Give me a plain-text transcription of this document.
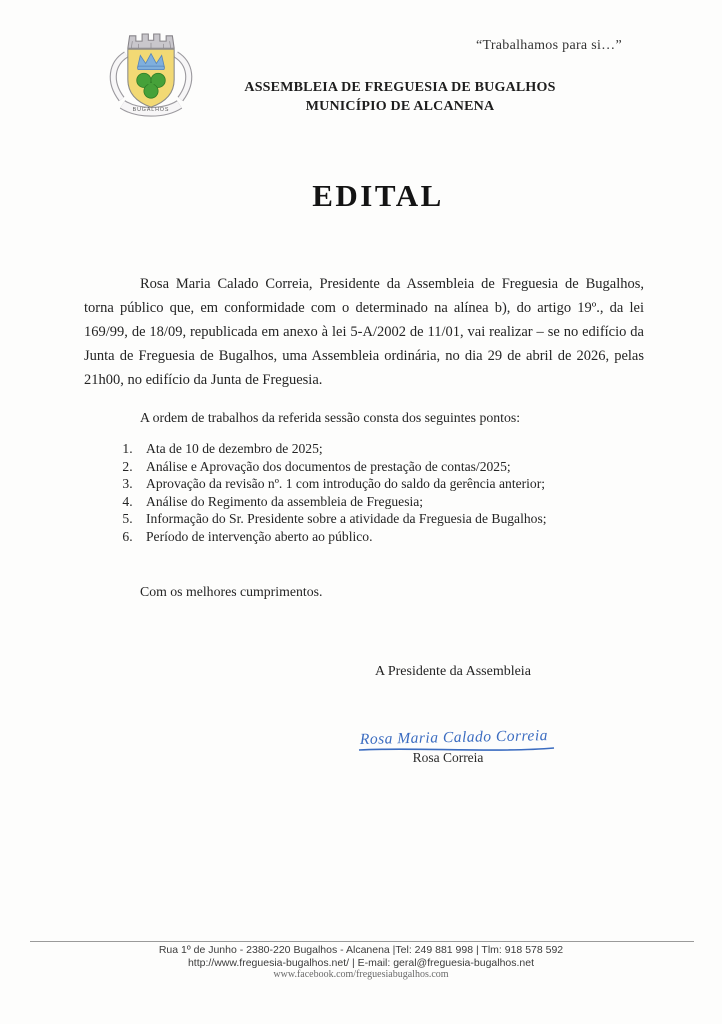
BUGALHOS
“Trabalhamos para si…”
ASSEMBLEIA DE FREGUESIA DE BUGALHOS
MUNICÍPIO DE ALCANENA
EDITAL

Rosa Maria Calado Correia, Presidente da Assembleia de Freguesia de Bugalhos, torna público que, em conformidade com o determinado na alínea b), do artigo 19º., da lei 169/99, de 18/09, republicada em anexo à lei 5-A/2002 de 11/01, vai realizar – se no edifício da Junta de Freguesia de Bugalhos, uma Assembleia ordinária, no dia 29 de abril de 2026, pelas 21h00, no edifício da Junta de Freguesia.

A ordem de trabalhos da referida sessão consta dos seguintes pontos:
1. Ata de 10 de dezembro de 2025;
2. Análise e Aprovação dos documentos de prestação de contas/2025;
3. Aprovação da revisão nº. 1 com introdução do saldo da gerência anterior;
4. Análise do Regimento da assembleia de Freguesia;
5. Informação do Sr. Presidente sobre a atividade da Freguesia de Bugalhos;
6. Período de intervenção aberto ao público.
Com os melhores cumprimentos.
A Presidente da Assembleia
Rosa Maria Calado Correia
Rosa Correia
Rua 1º de Junho - 2380-220 Bugalhos - Alcanena |Tel: 249 881 998 | Tlm: 918 578 592
http://www.freguesia-bugalhos.net/ | E-mail: geral@freguesia-bugalhos.net
www.facebook.com/freguesiabugalhos.com
